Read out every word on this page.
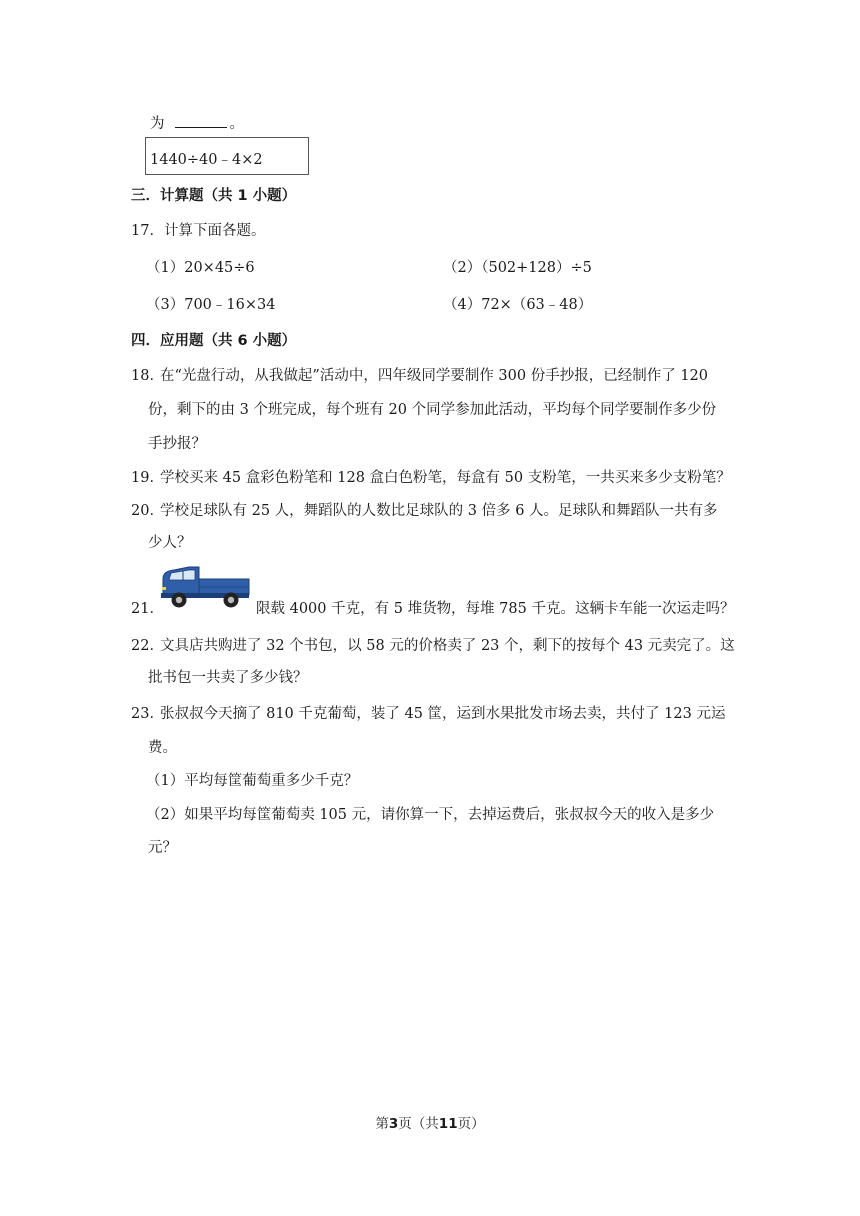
为	。
1440÷40﹣4×2
三．计算题（共 1 小题）
17．计算下面各题。
（1）20×45÷6	（2）（502+128）÷5
（3）700﹣16×34	（4）72×（63﹣48）
四．应用题（共 6 小题）
18．
在“光盘行动，从我做起”活动中，四年级同学要制作 300 份手抄报，已经制作了 120
份，剩下的由 3 个班完成，每个班有 20 个同学参加此活动，平均每个同学要制作多少份
手抄报？
19．
学校买来 45 盒彩色粉笔和 128 盒白色粉笔，每盒有 50 支粉笔，一共买来多少支粉笔？
20．
学校足球队有 25 人，舞蹈队的人数比足球队的 3 倍多 6 人。足球队和舞蹈队一共有多
少人？
21．	限载 4000 千克，有 5 堆货物，每堆 785 千克。这辆卡车能一次运走吗？
22．
文具店共购进了 32 个书包，以 58 元的价格卖了 23 个，剩下的按每个 43 元卖完了。这
批书包一共卖了多少钱？
23．
张叔叔今天摘了 810 千克葡萄，装了 45 筐，运到水果批发市场去卖，共付了 123 元运
费。
（1）平均每筐葡萄重多少千克？
（2）如果平均每筐葡萄卖 105 元，请你算一下，去掉运费后，张叔叔今天的收入是多少
元？
第3页（共11页）
